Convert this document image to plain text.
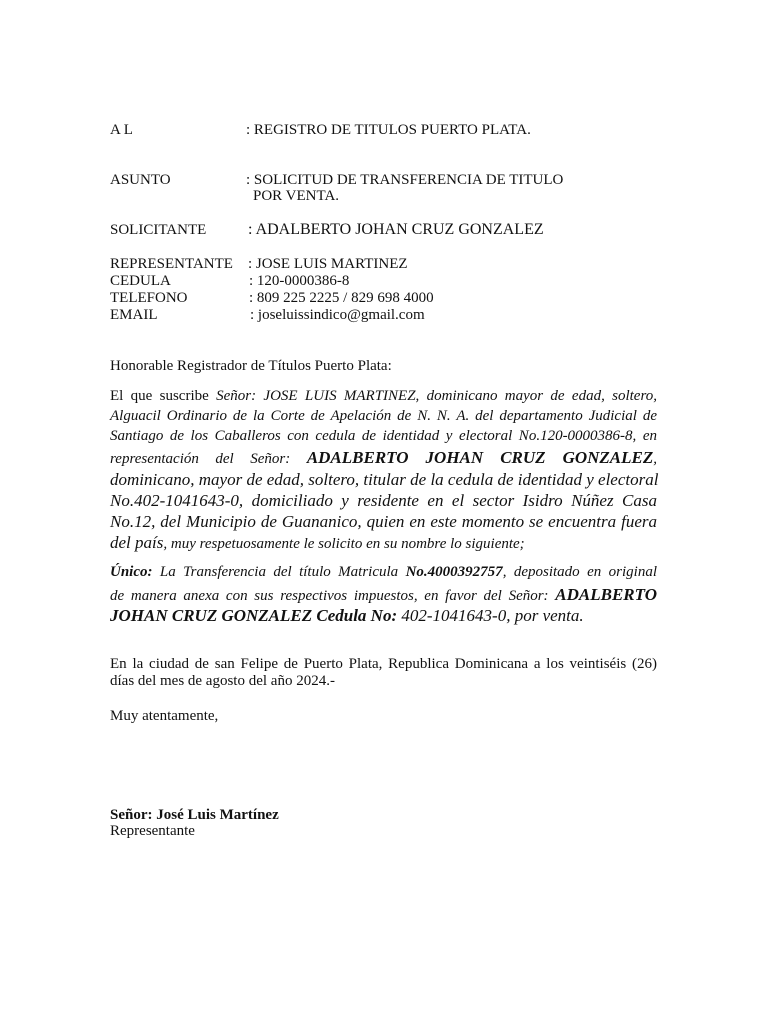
A L	: REGISTRO DE TITULOS PUERTO PLATA.
ASUNTO	: SOLICITUD DE TRANSFERENCIA DE TITULO
POR VENTA.
SOLICITANTE	: ADALBERTO JOHAN CRUZ GONZALEZ
REPRESENTANTE : JOSE LUIS MARTINEZ
CEDULA	: 120-0000386-8
TELEFONO	: 809 225 2225 / 829 698 4000
EMAIL	: joseluissindico@gmail.com
Honorable Registrador de Títulos Puerto Plata:
El que suscribe Señor: JOSE LUIS MARTINEZ, dominicano mayor de edad, soltero,
Alguacil Ordinario de la Corte de Apelación de N. N. A. del departamento Judicial de
Santiago de los Caballeros con cedula de identidad y electoral No.120-0000386-8, en
representación del Señor: ADALBERTO JOHAN CRUZ GONZALEZ,
dominicano, mayor de edad, soltero, titular de la cedula de identidad y electoral
No.402-1041643-0, domiciliado y residente en el sector Isidro Núñez Casa
No.12, del Municipio de Guananico, quien en este momento se encuentra fuera
del país, muy respetuosamente le solicito en su nombre lo siguiente;
Único: La Transferencia del título Matricula No.4000392757, depositado en original
de manera anexa con sus respectivos impuestos, en favor del Señor: ADALBERTO
JOHAN CRUZ GONZALEZ Cedula No: 402-1041643-0, por venta.
En la ciudad de san Felipe de Puerto Plata, Republica Dominicana a los veintiséis (26)
días del mes de agosto del año 2024.-
Muy atentamente,
Señor: José Luis Martínez
Representante
